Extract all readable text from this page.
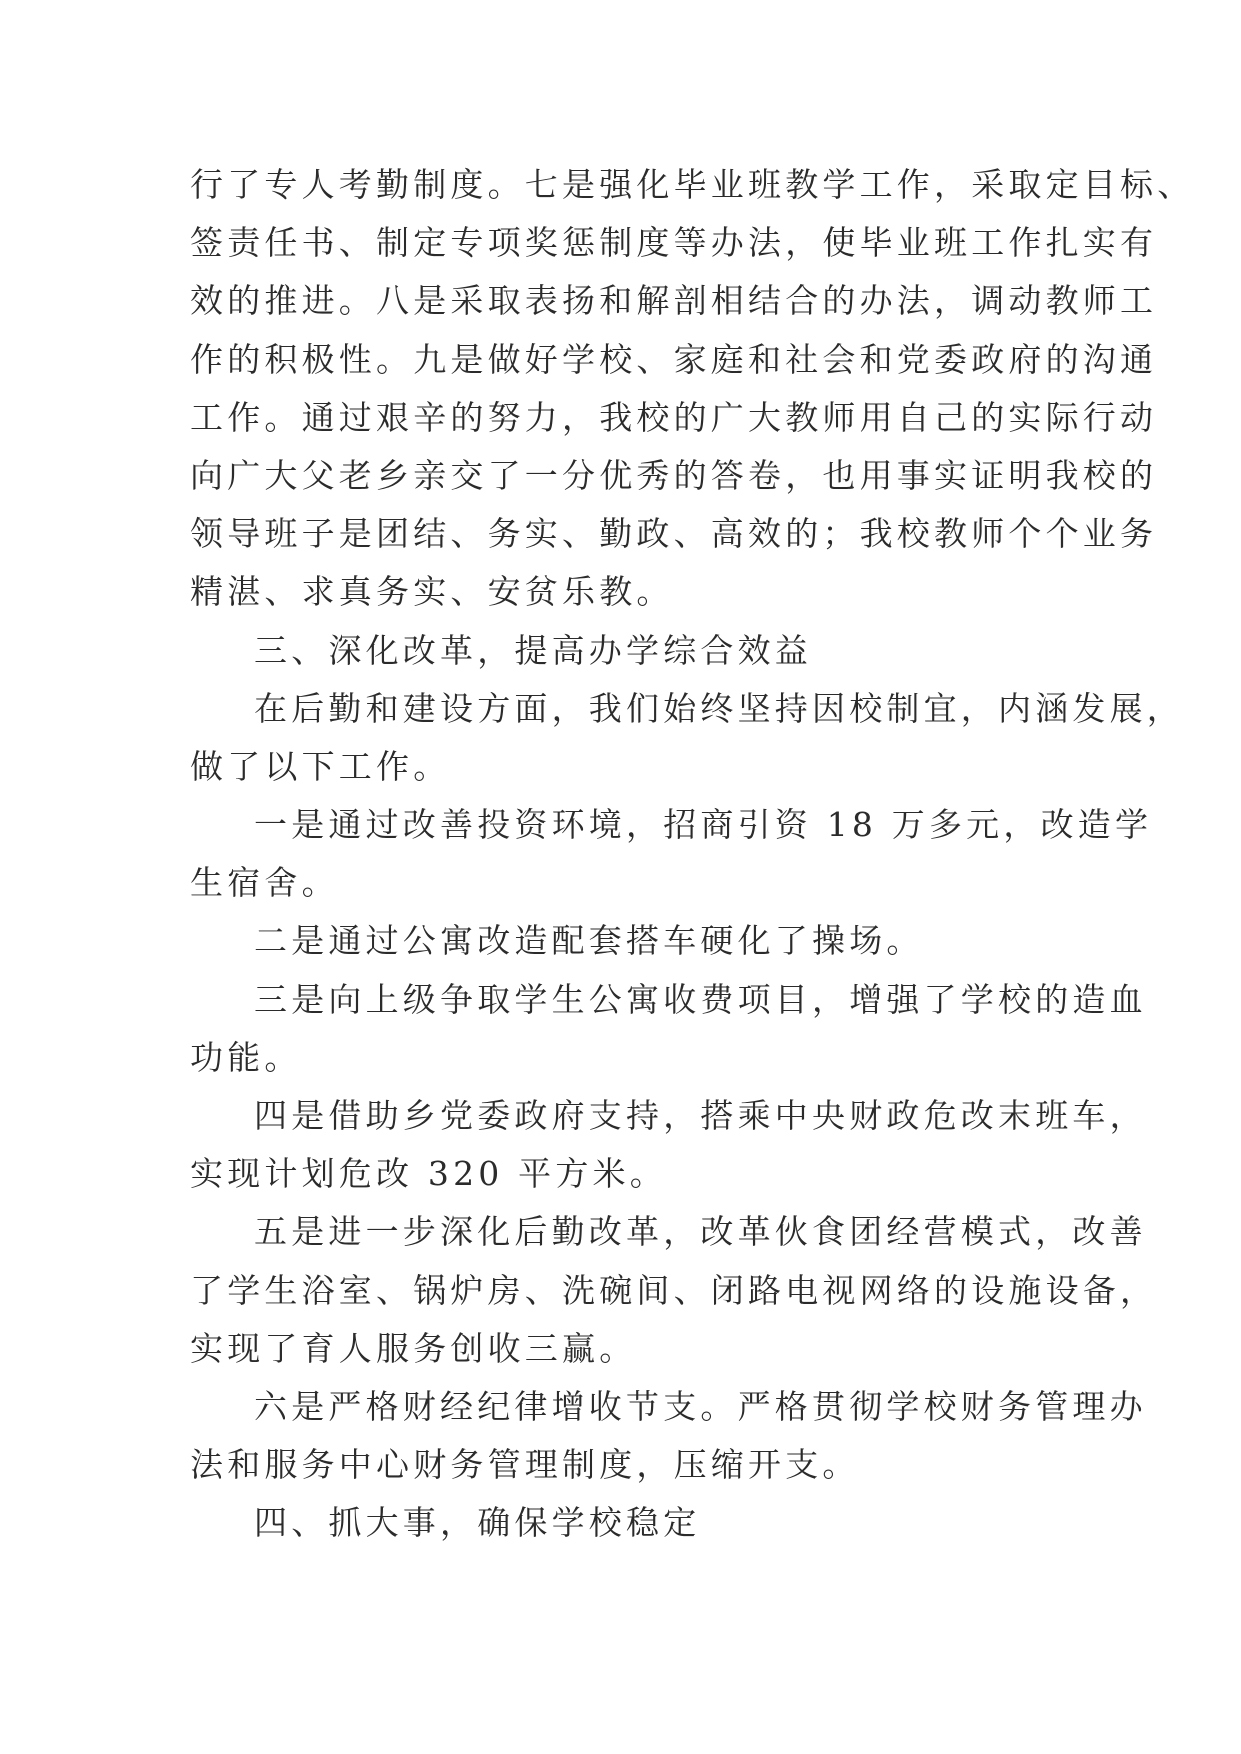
行了专人考勤制度。七是强化毕业班教学工作，采取定目标、
签责任书、制定专项奖惩制度等办法，使毕业班工作扎实有
效的推进。八是采取表扬和解剖相结合的办法，调动教师工
作的积极性。九是做好学校、家庭和社会和党委政府的沟通
工作。通过艰辛的努力，我校的广大教师用自己的实际行动
向广大父老乡亲交了一分优秀的答卷，也用事实证明我校的
领导班子是团结、务实、勤政、高效的；我校教师个个业务
精湛、求真务实、安贫乐教。
三、深化改革，提高办学综合效益
在后勤和建设方面，我们始终坚持因校制宜，内涵发展，
做了以下工作。
一是通过改善投资环境，招商引资 18 万多元，改造学
生宿舍。
二是通过公寓改造配套搭车硬化了操场。
三是向上级争取学生公寓收费项目，增强了学校的造血
功能。
四是借助乡党委政府支持，搭乘中央财政危改末班车，
实现计划危改 320 平方米。
五是进一步深化后勤改革，改革伙食团经营模式，改善
了学生浴室、锅炉房、洗碗间、闭路电视网络的设施设备，
实现了育人服务创收三赢。
六是严格财经纪律增收节支。严格贯彻学校财务管理办
法和服务中心财务管理制度，压缩开支。
四、抓大事，确保学校稳定
